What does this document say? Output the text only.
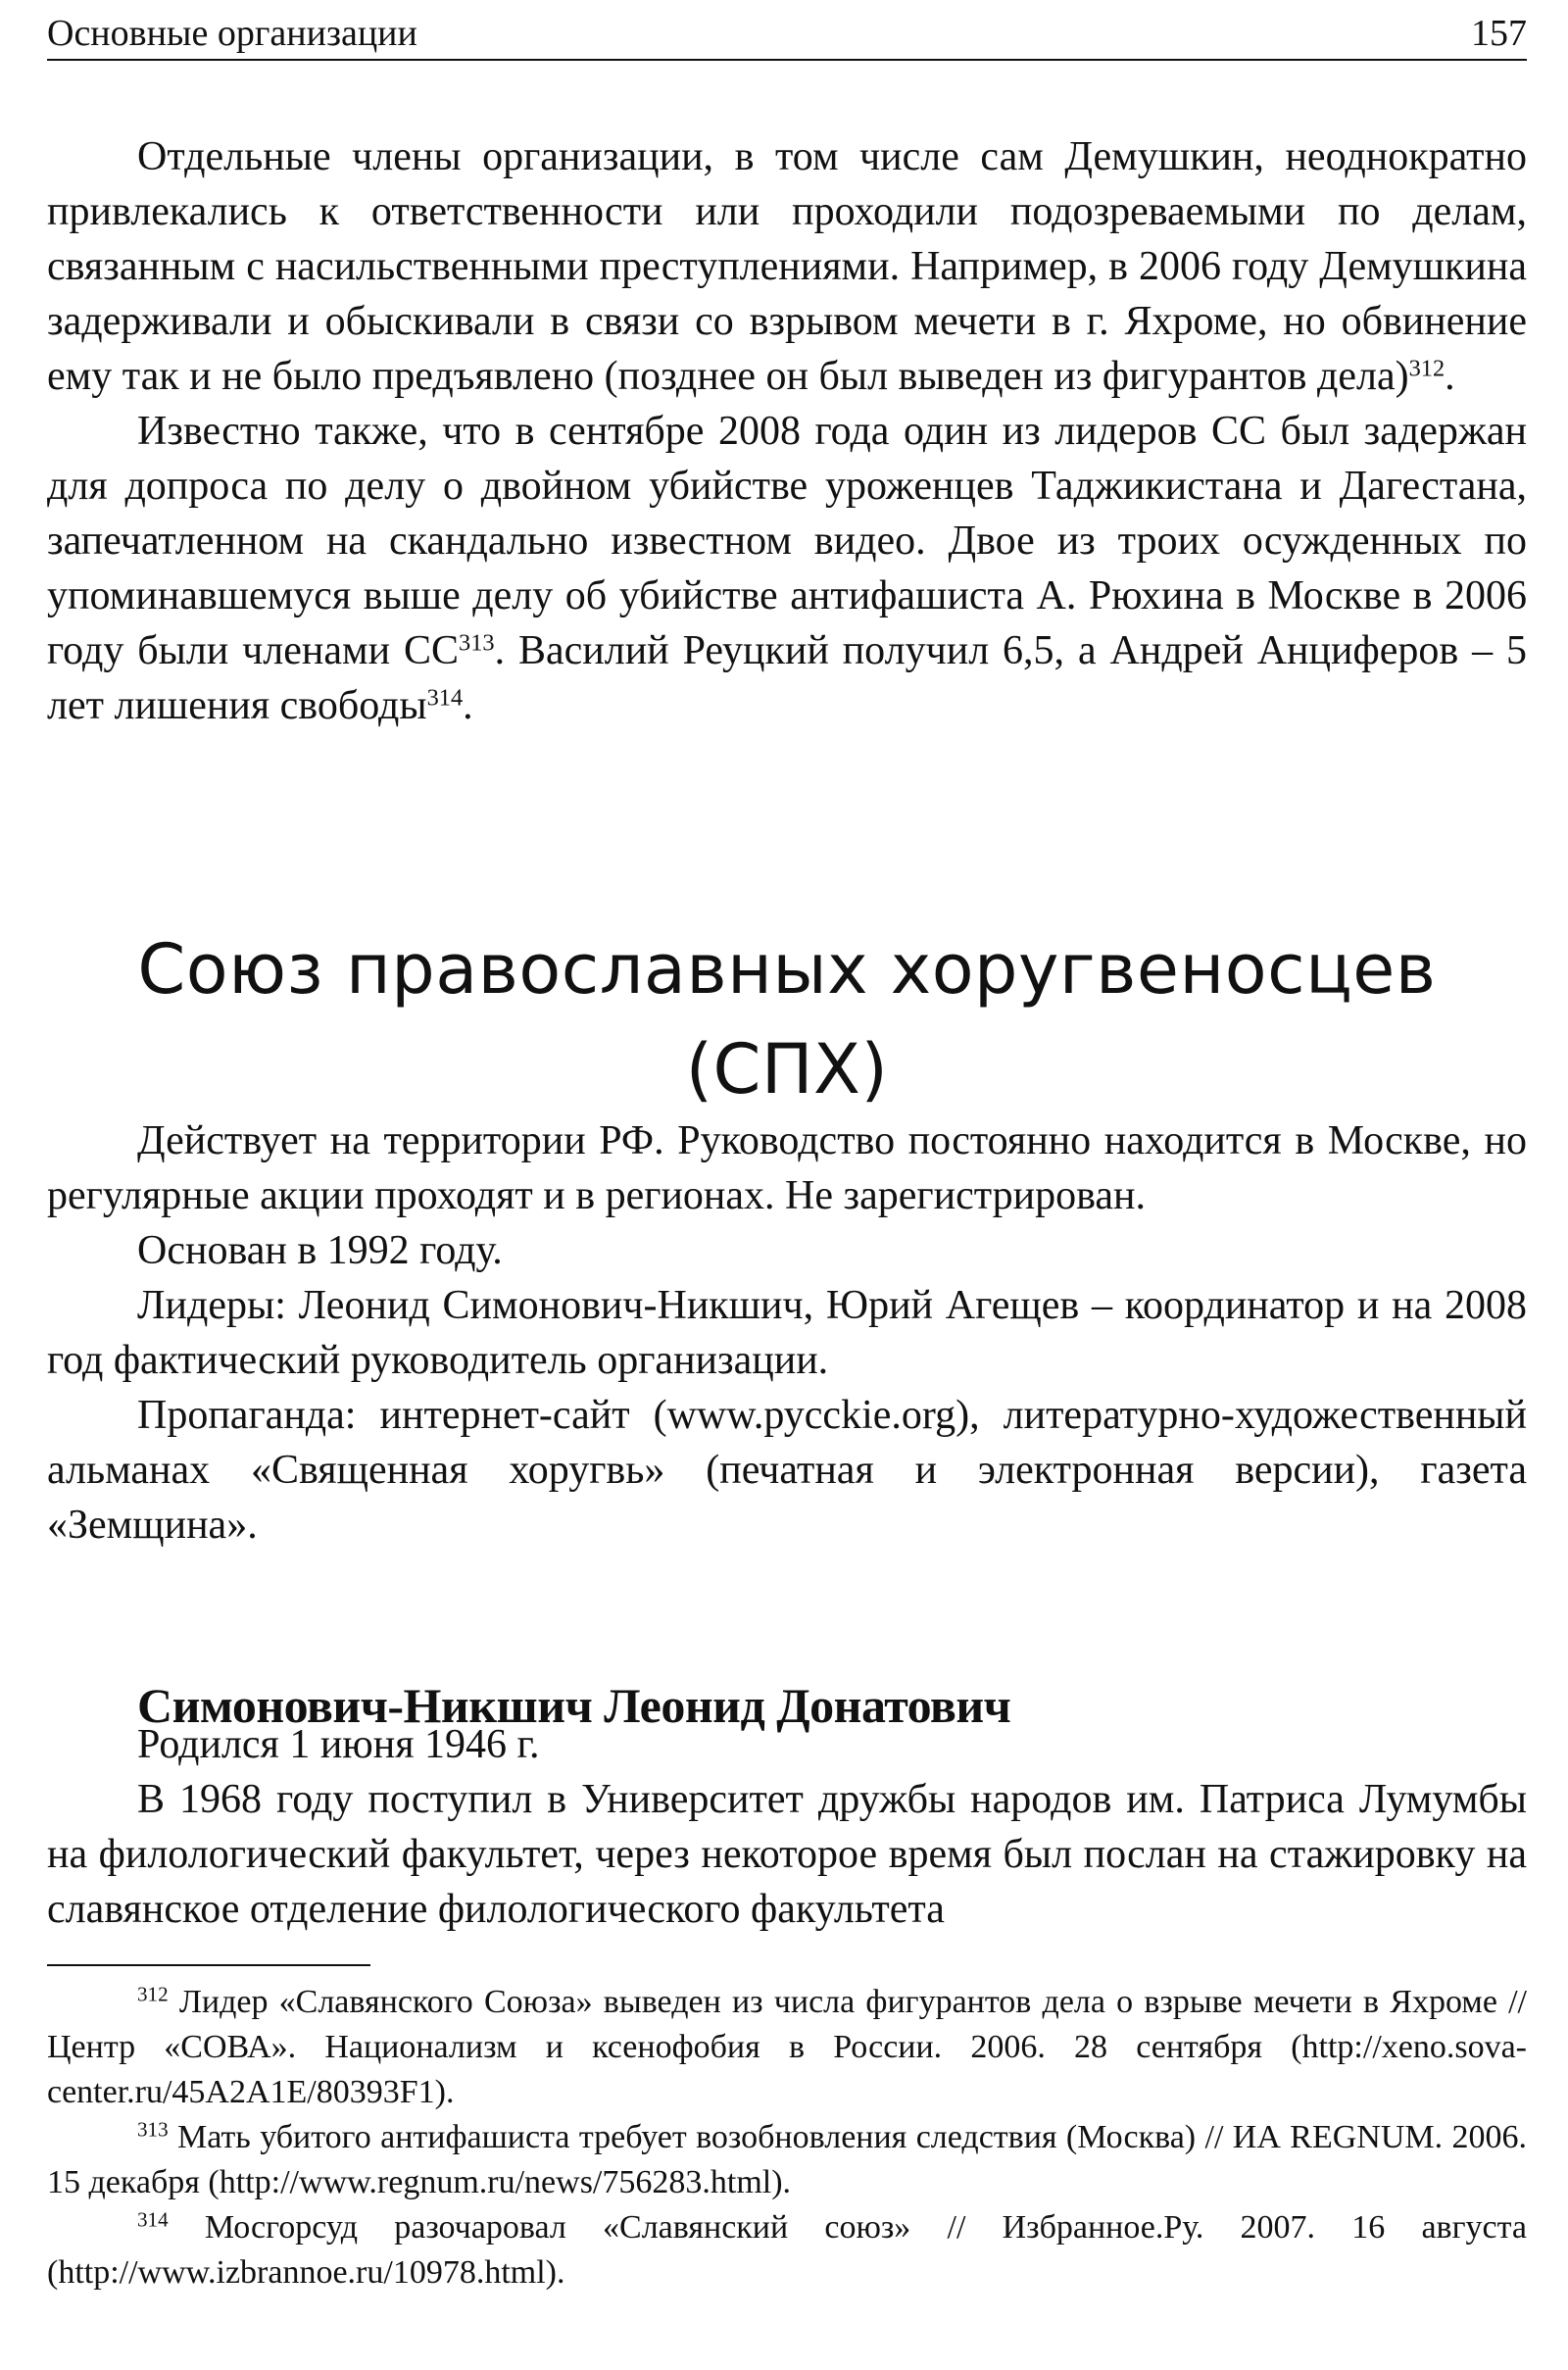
Основные организации	157

Отдельные члены организации, в том числе сам Демушкин, неоднократно привлекались к ответственности или проходили подозреваемыми по делам, связанным с насильственными преступлениями. Например, в 2006 году Демушкина задерживали и обыскивали в связи со взрывом мечети в г. Яхроме, но обвинение ему так и не было предъявлено (позднее он был выведен из фигурантов дела)$^{312}$.

Известно также, что в сентябре 2008 года один из лидеров СС был задержан для допроса по делу о двойном убийстве уроженцев Таджикистана и Дагестана, запечатленном на скандально известном видео. Двое из троих осужденных по упоминавшемуся выше делу об убийстве антифашиста А. Рюхина в Москве в 2006 году были членами СС$^{313}$. Василий Реуцкий получил 6,5, а Андрей Анциферов – 5 лет лишения свободы$^{314}$.

Союз православных хоругвеносцев
(СПХ)

Действует на территории РФ. Руководство постоянно находится в Москве, но регулярные акции проходят и в регионах. Не зарегистрирован.

Основан в 1992 году.

Лидеры: Леонид Симонович-Никшич, Юрий Агещев – координатор и на 2008 год фактический руководитель организации.

Пропаганда: интернет-сайт (www.русckie.org), литературно-художественный альманах «Священная хоругвь» (печатная и электронная версии), газета «Земщина».

Симонович-Никшич Леонид Донатович

Родился 1 июня 1946 г.

В 1968 году поступил в Университет дружбы народов им. Патриса Лумумбы на филологический факультет, через некоторое время был послан на стажировку на славянское отделение филологического факультета

$^{312}$ Лидер «Славянского Союза» выведен из числа фигурантов дела о взрыве мечети в Яхроме // Центр «СОВА». Национализм и ксенофобия в России. 2006. 28 сентября (http://xeno.sova-center.ru/45A2A1E/80393F1).

$^{313}$ Мать убитого антифашиста требует возобновления следствия (Москва) // ИА REGNUM. 2006. 15 декабря (http://www.regnum.ru/news/756283.html).

$^{314}$ Мосгорсуд разочаровал «Славянский союз» // Избранное.Ру. 2007. 16 августа (http://www.izbrannoe.ru/10978.html).
